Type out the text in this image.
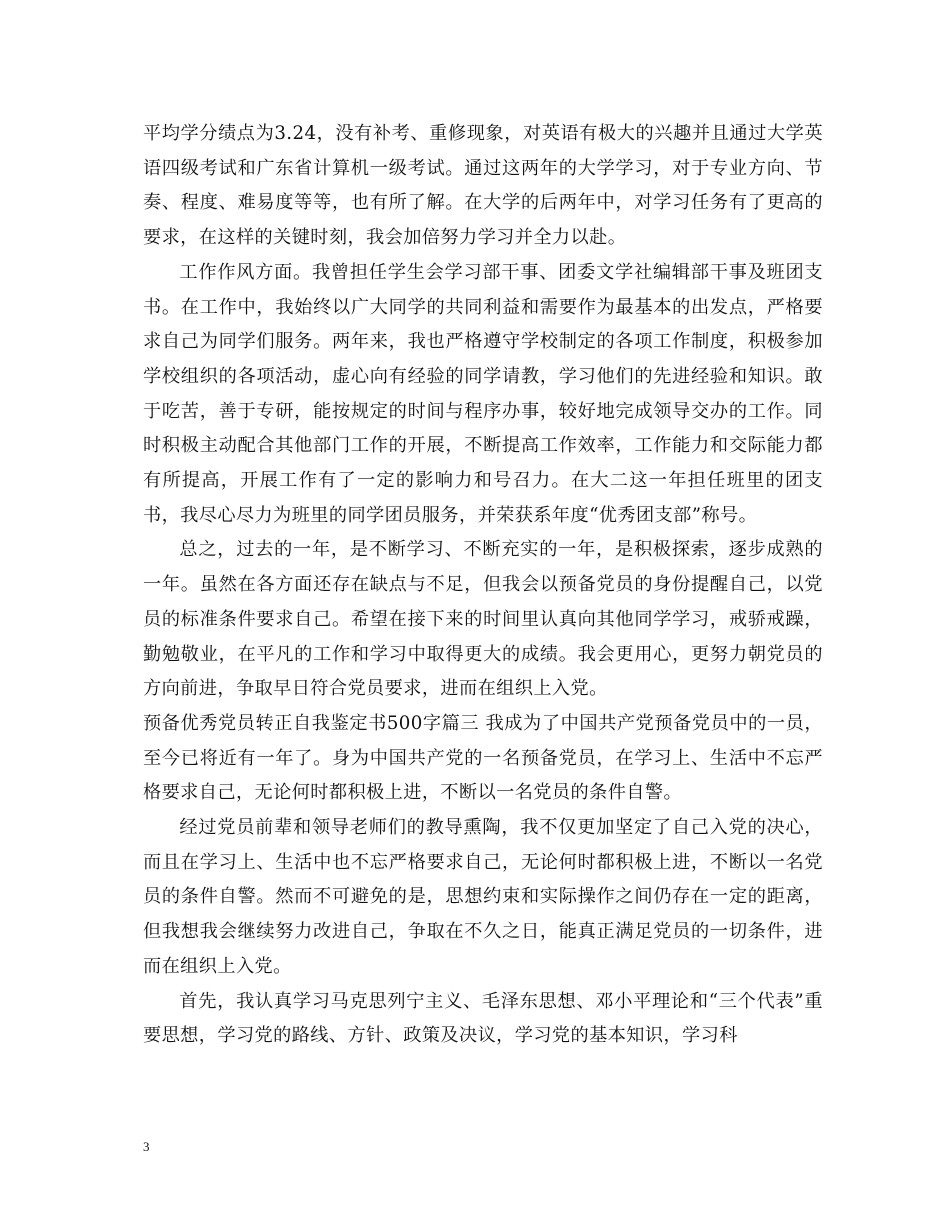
平均学分绩点为3.24，没有补考、重修现象，对英语有极大的兴趣并且通过大学英语四级考试和广东省计算机一级考试。通过这两年的大学学习，对于专业方向、节奏、程度、难易度等等，也有所了解。在大学的后两年中，对学习任务有了更高的要求，在这样的关键时刻，我会加倍努力学习并全力以赴。

工作作风方面。我曾担任学生会学习部干事、团委文学社编辑部干事及班团支书。在工作中，我始终以广大同学的共同利益和需要作为最基本的出发点，严格要求自己为同学们服务。两年来，我也严格遵守学校制定的各项工作制度，积极参加学校组织的各项活动，虚心向有经验的同学请教，学习他们的先进经验和知识。敢于吃苦，善于专研，能按规定的时间与程序办事，较好地完成领导交办的工作。同时积极主动配合其他部门工作的开展，不断提高工作效率，工作能力和交际能力都有所提高，开展工作有了一定的影响力和号召力。在大二这一年担任班里的团支书，我尽心尽力为班里的同学团员服务，并荣获系年度“优秀团支部”称号。

总之，过去的一年，是不断学习、不断充实的一年，是积极探索，逐步成熟的一年。虽然在各方面还存在缺点与不足，但我会以预备党员的身份提醒自己，以党员的标准条件要求自己。希望在接下来的时间里认真向其他同学学习，戒骄戒躁，勤勉敬业，在平凡的工作和学习中取得更大的成绩。我会更用心，更努力朝党员的方向前进，争取早日符合党员要求，进而在组织上入党。

预备优秀党员转正自我鉴定书500字篇三 我成为了中国共产党预备党员中的一员，至今已将近有一年了。身为中国共产党的一名预备党员，在学习上、生活中不忘严格要求自己，无论何时都积极上进，不断以一名党员的条件自警。

经过党员前辈和领导老师们的教导熏陶，我不仅更加坚定了自己入党的决心，而且在学习上、生活中也不忘严格要求自己，无论何时都积极上进，不断以一名党员的条件自警。然而不可避免的是，思想约束和实际操作之间仍存在一定的距离，但我想我会继续努力改进自己，争取在不久之日，能真正满足党员的一切条件，进而在组织上入党。

首先，我认真学习马克思列宁主义、毛泽东思想、邓小平理论和“三个代表”重要思想，学习党的路线、方针、政策及决议，学习党的基本知识，学习科

3
